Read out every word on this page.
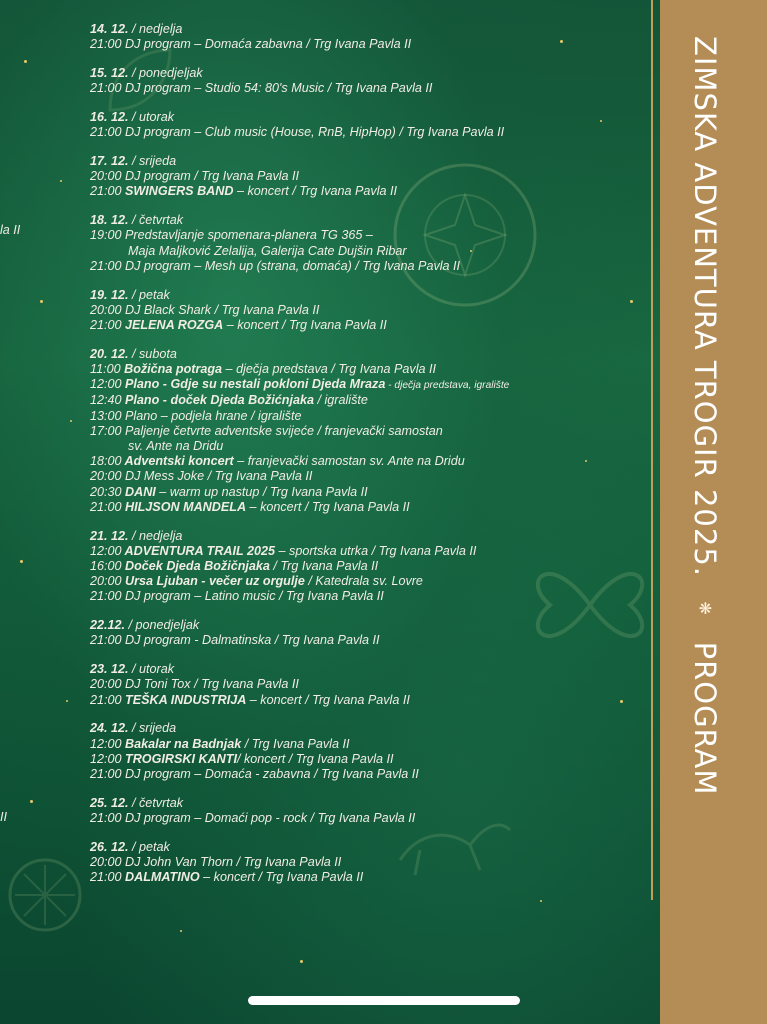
la II
II
14. 12. / nedjelja
21:00 DJ program – Domaća zabavna / Trg Ivana Pavla II
15. 12. / ponedjeljak
21:00 DJ program – Studio 54: 80's Music / Trg Ivana Pavla II
16. 12. / utorak
21:00 DJ program – Club music (House, RnB, HipHop) / Trg Ivana Pavla II
17. 12. / srijeda
20:00 DJ program / Trg Ivana Pavla II
21:00 SWINGERS BAND – koncert / Trg Ivana Pavla II
18. 12. / četvrtak
19:00 Predstavljanje spomenara-planera TG 365 –
Maja Maljković Zelalija, Galerija Cate Dujšin Ribar
21:00 DJ program – Mesh up (strana, domaća) / Trg Ivana Pavla II
19. 12. / petak
20:00 DJ Black Shark / Trg Ivana Pavla II
21:00 JELENA ROZGA – koncert / Trg Ivana Pavla II
20. 12. / subota
11:00 Božična potraga – dječja predstava / Trg Ivana Pavla II
12:00 Plano - Gdje su nestali pokloni Djeda Mraza - dječja predstava, igralište
12:40 Plano - doček Djeda Božićnjaka / igralište
13:00 Plano – podjela hrane / igralište
17:00 Paljenje četvrte adventske svijeće / franjevački samostan
sv. Ante na Dridu
18:00 Adventski koncert – franjevački samostan sv. Ante na Dridu
20:00 DJ Mess Joke / Trg Ivana Pavla II
20:30 DANI – warm up nastup / Trg Ivana Pavla II
21:00 HILJSON MANDELA – koncert / Trg Ivana Pavla II
21. 12. / nedjelja
12:00 ADVENTURA TRAIL 2025 – sportska utrka / Trg Ivana Pavla II
16:00 Doček Djeda Božičnjaka / Trg Ivana Pavla II
20:00 Ursa Ljuban - večer uz orgulje / Katedrala sv. Lovre
21:00 DJ program – Latino music / Trg Ivana Pavla II
22.12. / ponedjeljak
21:00 DJ program - Dalmatinska / Trg Ivana Pavla II
23. 12. / utorak
20:00 DJ Toni Tox / Trg Ivana Pavla II
21:00 TEŠKA INDUSTRIJA – koncert / Trg Ivana Pavla II
24. 12. / srijeda
12:00 Bakalar na Badnjak / Trg Ivana Pavla II
12:00 TROGIRSKI KANTI/ koncert / Trg Ivana Pavla II
21:00 DJ program – Domaća - zabavna / Trg Ivana Pavla II
25. 12. / četvrtak
21:00 DJ program – Domaći pop - rock / Trg Ivana Pavla II
26. 12. / petak
20:00 DJ John Van Thorn / Trg Ivana Pavla II
21:00 DALMATINO – koncert / Trg Ivana Pavla II
ZIMSKA ADVENTURA TROGIR 2025.  ❋  PROGRAM
